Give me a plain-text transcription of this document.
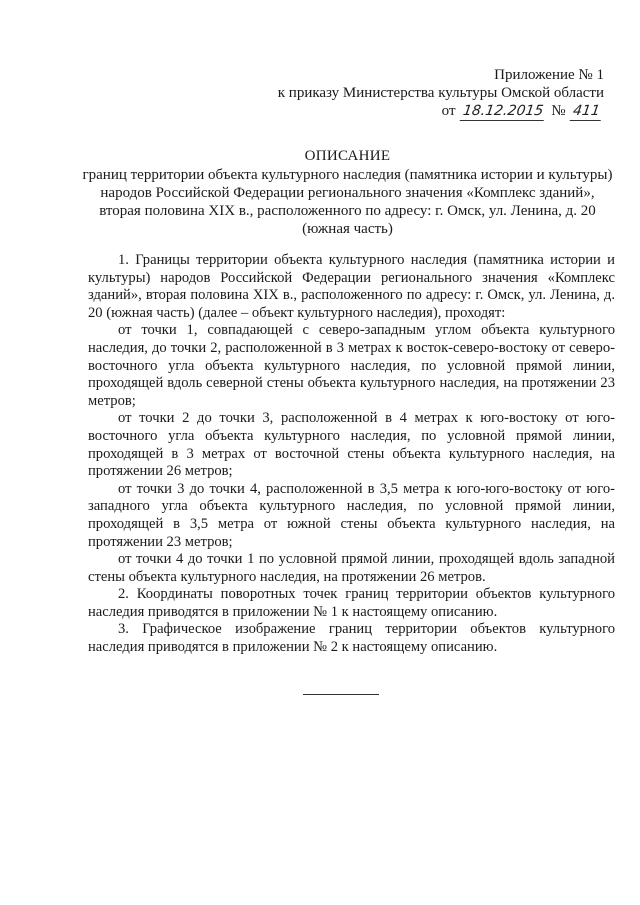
Приложение № 1
к приказу Министерства культуры Омской области
от 18.12.2015 № 411
ОПИСАНИЕ
границ территории объекта культурного наследия (памятника истории и культуры) народов Российской Федерации регионального значения «Комплекс зданий», вторая половина XIX в., расположенного по адресу: г. Омск, ул. Ленина, д. 20 (южная часть)

1. Границы территории объекта культурного наследия (памятника истории и культуры) народов Российской Федерации регионального значения «Комплекс зданий», вторая половина XIX в., расположенного по адресу: г. Омск, ул. Ленина, д. 20 (южная часть) (далее – объект культурного наследия), проходят:

от точки 1, совпадающей с северо-западным углом объекта культурного наследия, до точки 2, расположенной в 3 метрах к восток-северо-востоку от северо-восточного угла объекта культурного наследия, по условной прямой линии, проходящей вдоль северной стены объекта культурного наследия, на протяжении 23 метров;

от точки 2 до точки 3, расположенной в 4 метрах к юго-востоку от юго-восточного угла объекта культурного наследия, по условной прямой линии, проходящей в 3 метрах от восточной стены объекта культурного наследия, на протяжении 26 метров;

от точки 3 до точки 4, расположенной в 3,5 метра к юго-юго-востоку от юго-западного угла объекта культурного наследия, по условной прямой линии, проходящей в 3,5 метра от южной стены объекта культурного наследия, на протяжении 23 метров;

от точки 4 до точки 1 по условной прямой линии, проходящей вдоль западной стены объекта культурного наследия, на протяжении 26 метров.

2. Координаты поворотных точек границ территории объектов культурного наследия приводятся в приложении № 1 к настоящему описанию.

3. Графическое изображение границ территории объектов культурного наследия приводятся в приложении № 2 к настоящему описанию.
